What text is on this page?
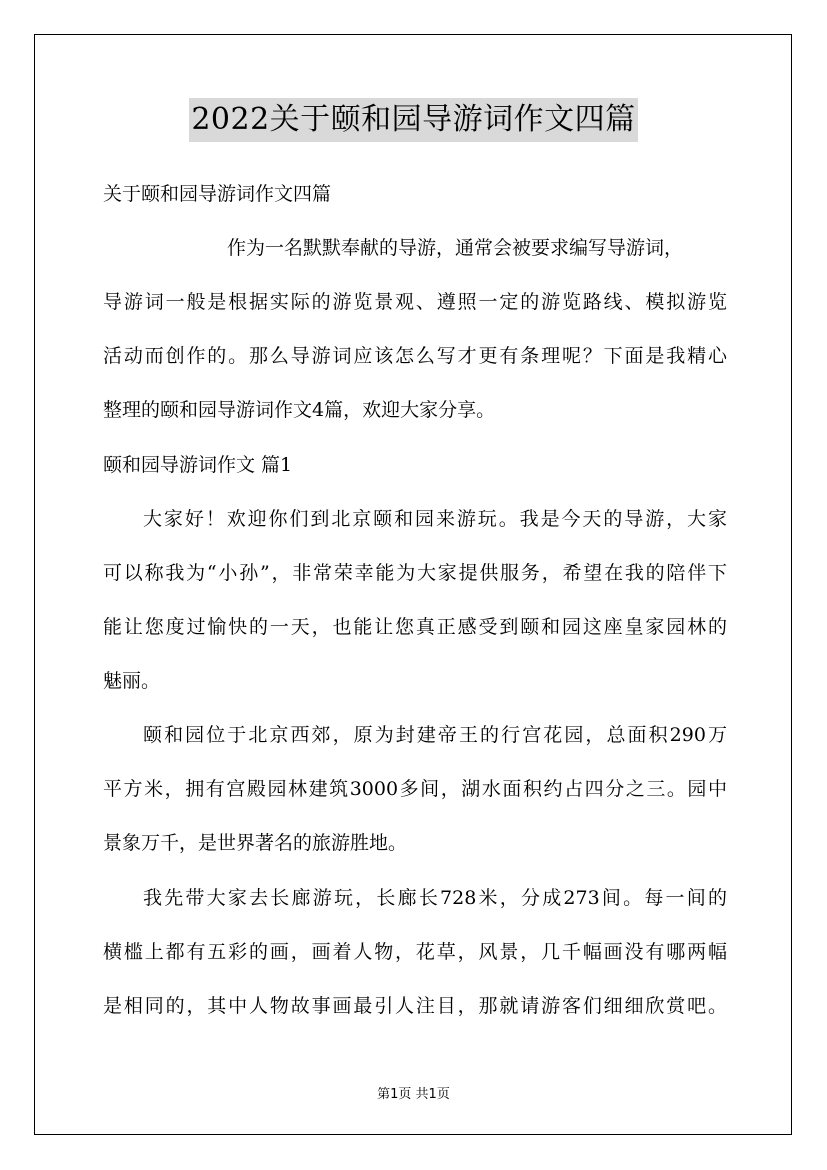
2022关于颐和园导游词作文四篇
关于颐和园导游词作文四篇
作为一名默默奉献的导游，通常会被要求编写导游词，
导游词一般是根据实际的游览景观、遵照一定的游览路线、模拟游览
活动而创作的。那么导游词应该怎么写才更有条理呢？下面是我精心
整理的颐和园导游词作文4篇，欢迎大家分享。
颐和园导游词作文 篇1
大家好！欢迎你们到北京颐和园来游玩。我是今天的导游，大家
可以称我为“小孙”，非常荣幸能为大家提供服务，希望在我的陪伴下
能让您度过愉快的一天，也能让您真正感受到颐和园这座皇家园林的
魅丽。
颐和园位于北京西郊，原为封建帝王的行宫花园，总面积290万
平方米，拥有宫殿园林建筑3000多间，湖水面积约占四分之三。园中
景象万千，是世界著名的旅游胜地。
我先带大家去长廊游玩，长廊长728米，分成273间。每一间的
横槛上都有五彩的画，画着人物，花草，风景，几千幅画没有哪两幅
是相同的，其中人物故事画最引人注目，那就请游客们细细欣赏吧。
第1页 共1页
